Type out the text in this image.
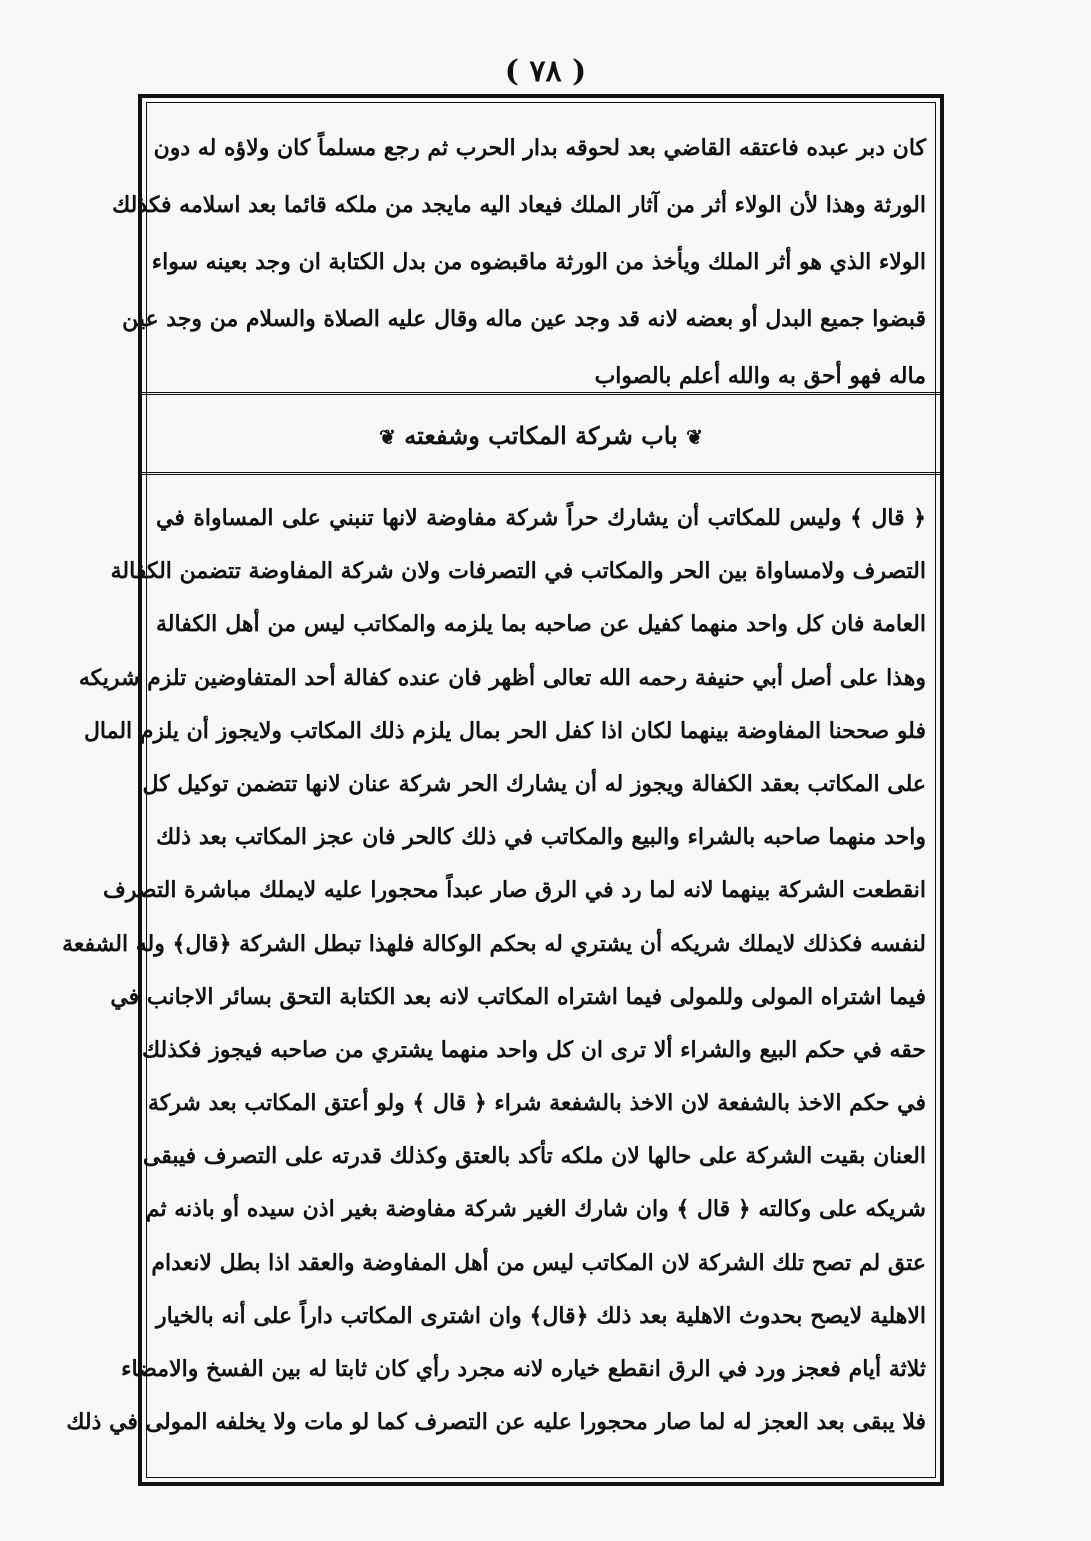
( ٧٨ )
كان دبر عبده فاعتقه القاضي بعد لحوقه بدار الحرب ثم رجع مسلماً كان ولاؤه له دون
الورثة وهذا لأن الولاء أثر من آثار الملك فيعاد اليه مايجد من ملكه قائما بعد اسلامه فكذلك
الولاء الذي هو أثر الملك ويأخذ من الورثة ماقبضوه من بدل الكتابة ان وجد بعينه سواء
قبضوا جميع البدل أو بعضه لانه قد وجد عين ماله وقال عليه الصلاة والسلام من وجد عين
ماله فهو أحق به والله أعلم بالصواب
❦ باب شركة المكاتب وشفعته ❦
﴿ قال ﴾ وليس للمكاتب أن يشارك حراً شركة مفاوضة لانها تنبني على المساواة في
التصرف ولامساواة بين الحر والمكاتب في التصرفات ولان شركة المفاوضة تتضمن الكفالة
العامة فان كل واحد منهما كفيل عن صاحبه بما يلزمه والمكاتب ليس من أهل الكفالة
وهذا على أصل أبي حنيفة رحمه الله تعالى أظهر فان عنده كفالة أحد المتفاوضين تلزم شريكه
فلو صححنا المفاوضة بينهما لكان اذا كفل الحر بمال يلزم ذلك المكاتب ولايجوز أن يلزم المال
على المكاتب بعقد الكفالة ويجوز له أن يشارك الحر شركة عنان لانها تتضمن توكيل كل
واحد منهما صاحبه بالشراء والبيع والمكاتب في ذلك كالحر فان عجز المكاتب بعد ذلك
انقطعت الشركة بينهما لانه لما رد في الرق صار عبداً محجورا عليه لايملك مباشرة التصرف
لنفسه فكذلك لايملك شريكه أن يشتري له بحكم الوكالة فلهذا تبطل الشركة ﴿قال﴾ وله الشفعة
فيما اشتراه المولى وللمولى فيما اشتراه المكاتب لانه بعد الكتابة التحق بسائر الاجانب في
حقه في حكم البيع والشراء ألا ترى ان كل واحد منهما يشتري من صاحبه فيجوز فكذلك
في حكم الاخذ بالشفعة لان الاخذ بالشفعة شراء ﴿ قال ﴾ ولو أعتق المكاتب بعد شركة
العنان بقيت الشركة على حالها لان ملكه تأكد بالعتق وكذلك قدرته على التصرف فيبقى
شريكه على وكالته ﴿ قال ﴾ وان شارك الغير شركة مفاوضة بغير اذن سيده أو باذنه ثم
عتق لم تصح تلك الشركة لان المكاتب ليس من أهل المفاوضة والعقد اذا بطل لانعدام
الاهلية لايصح بحدوث الاهلية بعد ذلك ﴿قال﴾ وان اشترى المكاتب داراً على أنه بالخيار
ثلاثة أيام فعجز ورد في الرق انقطع خياره لانه مجرد رأي كان ثابتا له بين الفسخ والامضاء
فلا يبقى بعد العجز له لما صار محجورا عليه عن التصرف كما لو مات ولا يخلفه المولى في ذلك
